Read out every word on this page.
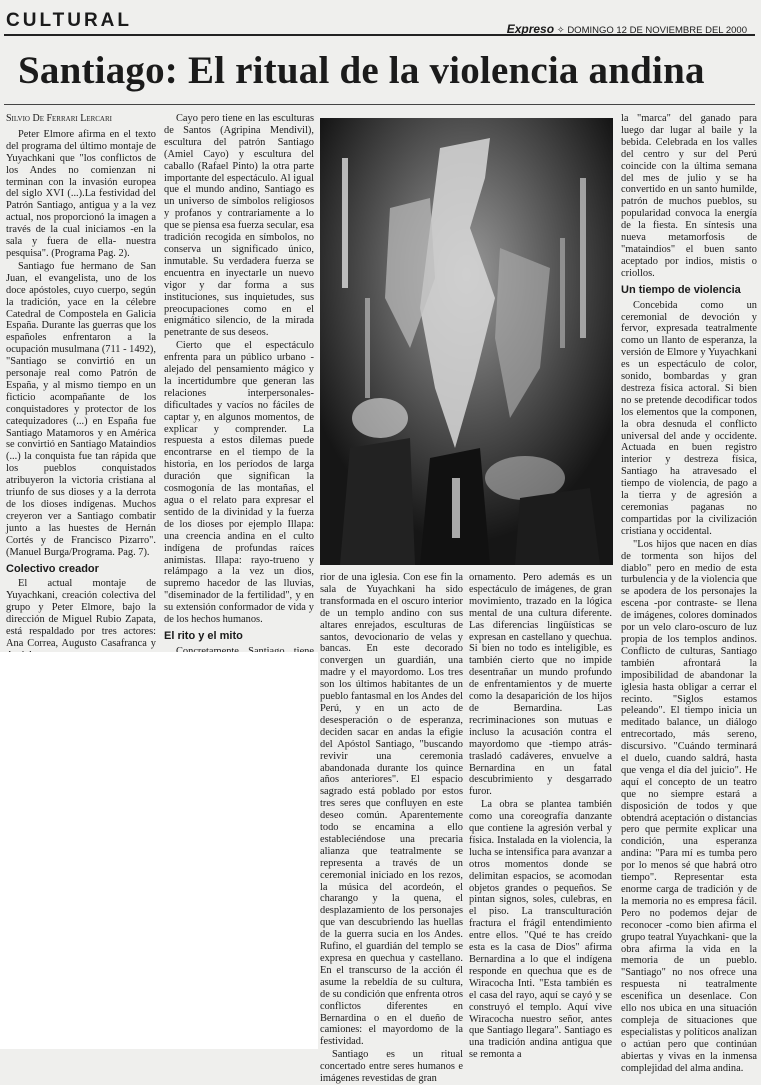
CULTURAL	Expreso ✧ DOMINGO 12 DE NOVIEMBRE DEL 2000
Santiago: El ritual de la violencia andina

Silvio De Ferrari Lercari

Peter Elmore afirma en el texto del programa del último montaje de Yuyachkani que "los conflictos de los Andes no comienzan ni terminan con la invasión europea del siglo XVI (...).La festividad del Patrón Santiago, antigua y a la vez actual, nos proporcionó la imagen a través de la cual iniciamos -en la sala y fuera de ella- nuestra pesquisa". (Programa Pag. 2).

Santiago fue hermano de San Juan, el evangelista, uno de los doce apóstoles, cuyo cuerpo, según la tradición, yace en la célebre Catedral de Compostela en Galicia España. Durante las guerras que los españoles enfrentaron a la ocupación musulmana (711 - 1492), "Santiago se convirtió en un personaje real como Patrón de España, y al mismo tiempo en un ficticio acompañante de los conquistadores y protector de los catequizadores (...) en España fue Santiago Matamoros y en América se convirtió en Santiago Mataindios (...) la conquista fue tan rápida que los pueblos conquistados atribuyeron la victoria cristiana al triunfo de sus dioses y a la derrota de los dioses indígenas. Muchos creyeron ver a Santiago combatir junto a las huestes de Hernán Cortés y de Francisco Pizarro". (Manuel Burga/Programa. Pag. 7).

Colectivo creador

El actual montaje de Yuyachkani, creación colectiva del grupo y Peter Elmore, bajo la dirección de Miguel Rubio Zapata, está respaldado por tres actores: Ana Correa, Augusto Casafranca y

Cayo pero tiene en las esculturas de Santos (Agripina Mendivil), escultura del patrón Santiago (Amiel Cayo) y escultura del caballo (Rafael Pinto) la otra parte importante del espectáculo. Al igual que el mundo andino, Santiago es un universo de símbolos religiosos y profanos y contrariamente a lo que se piensa esa fuerza secular, esa tradición recogida en símbolos, no conserva un significado único, inmutable. Su verdadera fuerza se encuentra en inyectarle un nuevo vigor y dar forma a sus instituciones, sus inquietudes, sus preocupaciones como en el enigmático silencio, de la mirada penetrante de sus deseos.

Cierto que el espectáculo enfrenta para un público urbano -alejado del pensamiento mágico y la incertidumbre que generan las relaciones interpersonales- dificultades y vacíos no fáciles de captar y, en algunos momentos, de explicar y comprender. La respuesta a estos dilemas puede encontrarse en el tiempo de la historia, en los períodos de larga duración que significan la cosmogonía de las montañas, el agua o el relato para expresar el sentido de la divinidad y la fuerza de los dioses por ejemplo Illapa: una creencia andina en el culto indígena de profundas raíces animistas. Illapa: rayo-trueno y relámpago a la vez un dios, supremo hacedor de las lluvias, "diseminador de la fertilidad", y en su extensión conformador de vida y de los hechos humanos.

El rito y el mito

rior de una iglesia. Con ese fin la sala de Yuyachkani ha sido transformada en el oscuro interior de un templo andino con sus altares enrejados, esculturas de santos, devocionario de velas y bancas. En este decorado convergen un guardián, una madre y el mayordomo. Los tres son los últimos habitantes de un pueblo fantasmal en los Andes del Perú, y en un acto de desesperación o de esperanza, deciden sacar en andas la efigie del Apóstol Santiago, "buscando revivir una ceremonia abandonada durante los quince años anteriores". El espacio sagrado está poblado por estos tres seres que confluyen en este deseo común. Aparentemente todo se encamina a ello estableciéndose una precaria alianza que teatralmente se representa a través de un ceremonial iniciado en los rezos, la música del acordeón, el charango y la quena, el desplazamiento de los personajes que van descubriendo las huellas de la guerra sucia en los Andes. Rufino, el guardián del templo se expresa en quechua y castellano. En el transcurso de la acción él asume la rebeldía de su cultura, de su condición que enfrenta otros conflictos diferentes en Bernardina o en el dueño de camiones: el mayordomo de la festividad.

Santiago es un ritual concertado entre seres humanos e imágenes revestidas de gran

ornamento. Pero además es un espectáculo de imágenes, de gran movimiento, trazado en la lógica mental de una cultura diferente. Las diferencias lingüísticas se expresan en castellano y quechua. Si bien no todo es inteligible, es también cierto que no impide desentrañar un mundo profundo de enfrentamientos y de muerte como la desaparición de los hijos de Bernardina. Las recriminaciones son mutuas e incluso la acusación contra el mayordomo que -tiempo atrás- trasladó cadáveres, envuelve a Bernardina en un fatal descubrimiento y desgarrado furor.

La obra se plantea también como una coreografía danzante que contiene la agresión verbal y física. Instalada en la violencia, la lucha se intensifica para avanzar a otros momentos donde se delimitan espacios, se acomodan objetos grandes o pequeños. Se pintan signos, soles, culebras, en el piso. La transculturación fractura el frágil entendimiento entre ellos. "Qué te has creído esta es la casa de Dios" afirma Bernardina a lo que el indígena responde en quechua que es de Wiracocha Inti. "Esta también es el casa del rayo, aquí se cayó y se construyó el templo. Aquí vive Wiracocha nuestro señor, antes que Santiago llegara". Santiago es una tradición andina antigua que se remonta a

la "marca" del ganado para luego dar lugar al baile y la bebida. Celebrada en los valles del centro y sur del Perú coincide con la última semana del mes de julio y se ha convertido en un santo humilde, patrón de muchos pueblos, su popularidad convoca la energía de la fiesta. En síntesis una nueva metamorfosis de "mataindios" el buen santo aceptado por indios, mistis o criollos.

Un tiempo de violencia

Concebida como un ceremonial de devoción y fervor, expresada teatralmente como un llanto de esperanza, la versión de Elmore y Yuyachkani es un espectáculo de color, sonido, bombardas y gran destreza física actoral. Si bien no se pretende decodificar todos los elementos que la componen, la obra desnuda el conflicto universal del ande y occidente. Actuada en buen registro interior y destreza física, Santiago ha atravesado el tiempo de violencia, de pago a la tierra y de agresión a ceremonias paganas no compartidas por la civilización cristiana y occidental.

"Los hijos que nacen en días de tormenta son hijos del diablo" pero en medio de esta turbulencia y de la violencia que se apodera de los personajes la escena -por contraste- se llena de imágenes, colores dominados por un velo claro-oscuro de luz propia de los templos andinos. Conflicto de culturas, Santiago también afrontará la imposibilidad de abandonar la iglesia hasta obligar a cerrar el recinto. "Siglos estamos peleando". El tiempo inicia un meditado balance, un diálogo entrecortado, más sereno, discursivo. "Cuándo terminará el duelo, cuando saldrá, hasta que venga el día del juicio". He aquí el concepto de un teatro que no siempre estará a disposición de todos y que obtendrá aceptación o distancias pero que permite explicar una condición, una esperanza andina: "Para mí es tumba pero por lo menos sé que habrá otro tiempo". Representar esta enorme carga de tradición y de la memoria no es empresa fácil. Pero no podemos dejar de reconocer -como bien afirma el grupo teatral Yuyachkani- que la obra afirma la vida en la memoria de un pueblo. "Santiago" no nos ofrece una respuesta ni teatralmente escenifica un desenlace. Con ello nos ubica en una situación compleja de situaciones que especialistas y políticos analizan o actúan pero que continúan abiertas y vivas en la inmensa complejidad del alma andina.
